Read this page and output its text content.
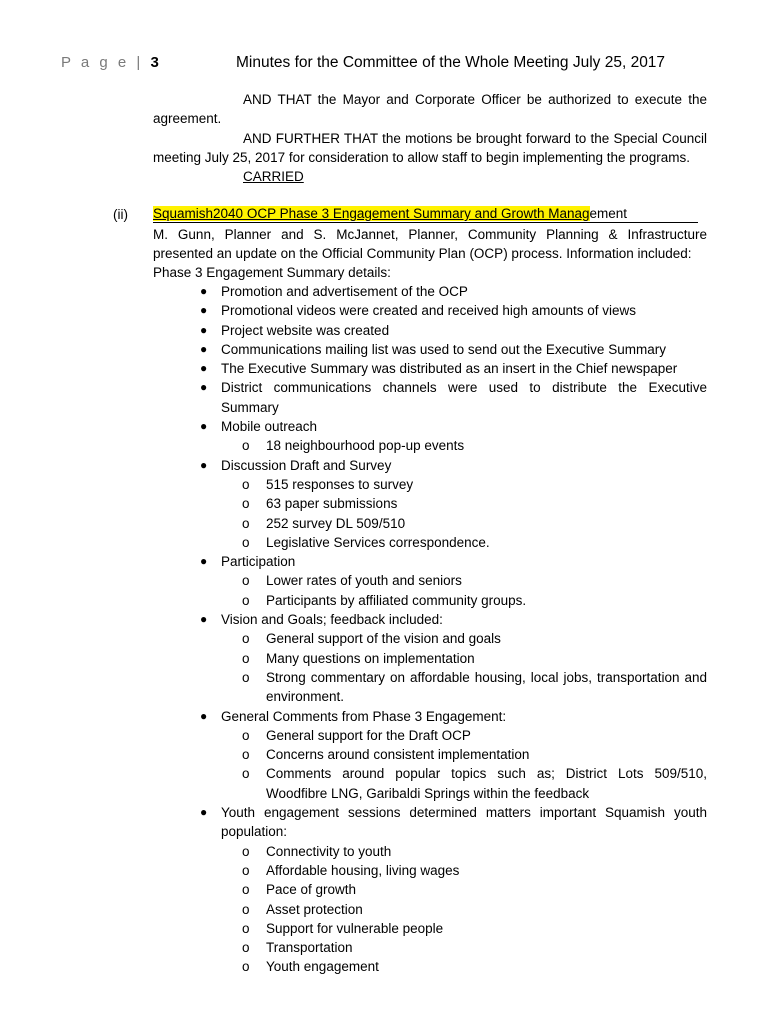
P a g e | 3	Minutes for the Committee of the Whole Meeting July 25, 2017
AND THAT the Mayor and Corporate Officer be authorized to execute the agreement.
AND FURTHER THAT the motions be brought forward to the Special Council meeting July 25, 2017 for consideration to allow staff to begin implementing the programs.
CARRIED
(ii) Squamish2040 OCP Phase 3 Engagement Summary and Growth Management
M. Gunn, Planner and S. McJannet, Planner, Community Planning & Infrastructure presented an update on the Official Community Plan (OCP) process. Information included:
Phase 3 Engagement Summary details:
● Promotion and advertisement of the OCP
● Promotional videos were created and received high amounts of views
● Project website was created
● Communications mailing list was used to send out the Executive Summary
● The Executive Summary was distributed as an insert in the Chief newspaper
● District communications channels were used to distribute the Executive Summary
● Mobile outreach
o 18 neighbourhood pop-up events
● Discussion Draft and Survey
o 515 responses to survey
o 63 paper submissions
o 252 survey DL 509/510
o Legislative Services correspondence.
● Participation
o Lower rates of youth and seniors
o Participants by affiliated community groups.
● Vision and Goals; feedback included:
o General support of the vision and goals
o Many questions on implementation
o Strong commentary on affordable housing, local jobs, transportation and environment.
● General Comments from Phase 3 Engagement:
o General support for the Draft OCP
o Concerns around consistent implementation
o Comments around popular topics such as; District Lots 509/510, Woodfibre LNG, Garibaldi Springs within the feedback
● Youth engagement sessions determined matters important Squamish youth population:
o Connectivity to youth
o Affordable housing, living wages
o Pace of growth
o Asset protection
o Support for vulnerable people
o Transportation
o Youth engagement
